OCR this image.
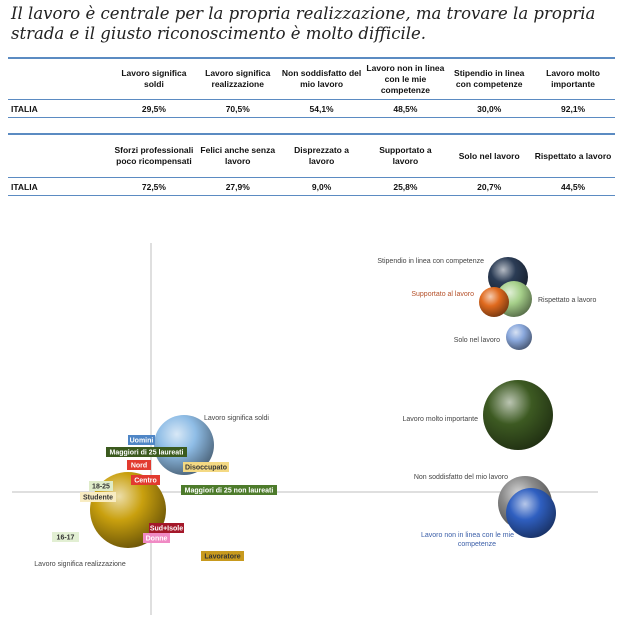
Il lavoro è centrale per la propria realizzazione, ma trovare la propria strada e il giusto riconoscimento è molto difficile.

	Lavoro significa soldi	Lavoro significa realizzazione	Non soddisfatto del mio lavoro	Lavoro non in linea con le mie competenze	Stipendio in linea con competenze	Lavoro molto importante
ITALIA	29,5%	70,5%	54,1%	48,5%	30,0%	92,1%
	Sforzi professionali poco ricompensati	Felici anche senza lavoro	Disprezzato a lavoro	Supportato a lavoro	Solo nel lavoro	Rispettato a lavoro
ITALIA	72,5%	27,9%	9,0%	25,8%	20,7%	44,5%
Stipendio in linea con competenze
Rispettato a lavoro
Supportato al lavoro
Solo nel lavoro
Lavoro molto importante
Non soddisfatto del mio lavoro
Lavoro non in linea con le mie competenze
Lavoro significa soldi
Lavoro significa realizzazione
Uomini
Maggiori di 25 laureati
Nord	Disoccupato
Centro
18-25
Studente
Maggiori di 25 non laureati
Sud+Isole
Donne
16-17
Lavoratore
